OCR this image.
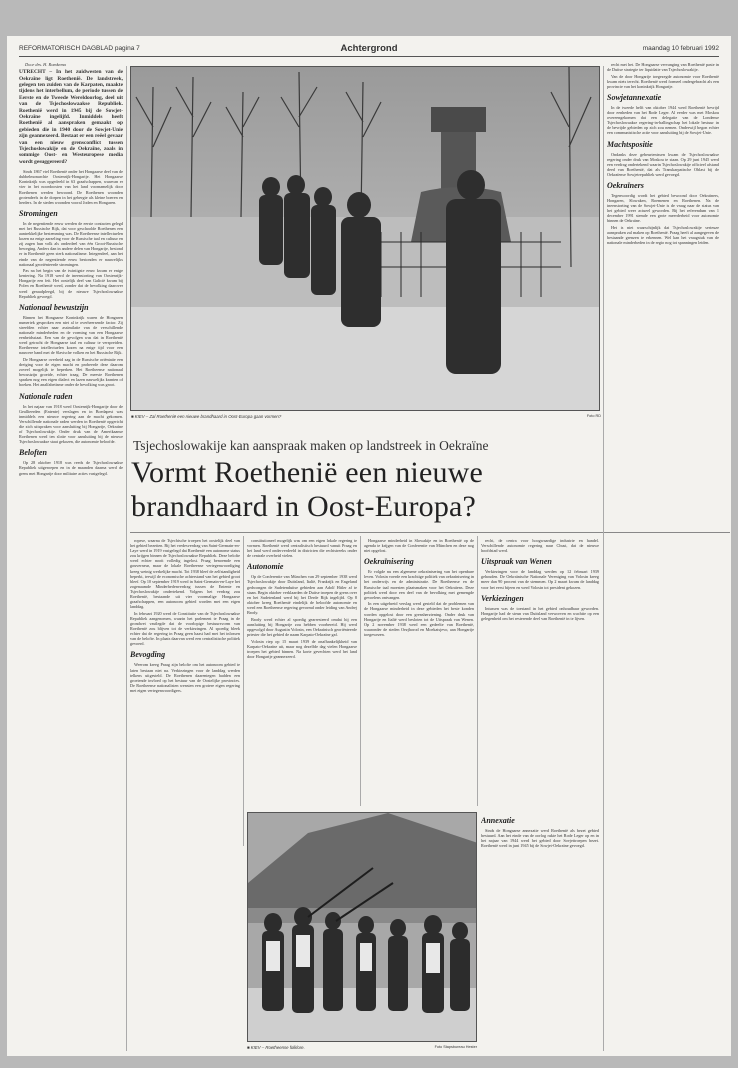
REFORMATORISCH DAGBLAD pagina 7	Achtergrond	maandag 10 februari 1992
Door drs. H. Romkema
UTRECHT – In het zuidwesten van de Oekraïne ligt Roethenië. De landstreek, gelegen ten zuiden van de Karpaten, maakte tijdens het interbellum, de periode tussen de Eerste en de Tweede Wereldoorlog, deel uit van de Tsjechoslowaakse Republiek. Roethenië werd in 1945 bij de Sowjet-Oekraïne ingelijfd. Inmiddels heeft Roethenië al aanspraken gemaakt op gebieden die in 1940 door de Sowjet-Unie zijn geannexeerd. Bestaat er een reëel gevaar van een nieuw grensconflict tussen Tsjechoslowakije en de Oekraïne, zoals in sommige Oost- en Westeuropese media wordt gesuggereerd?

Sinds 1867 viel Roethenië onder het Hongaarse deel van de dubbelmonarchie Oostenrijk-Hongarije. Het Hongaarse Koninkrijk was opgedeeld in 63 graafschappen, waarvan er vier in het noordoosten van het land voornamelijk door Roethenen werden bewoond. De Roethenen woonden grotendeels in de dorpen in het gebergte als kleine boeren en herders. In de steden woonden vooral Joden en Hongaren.

Stromingen

In de negentiende eeuw werden de eerste contacten gelegd met het Russische Rijk, dat voor geschoolde Roethenen een aantrekkelijke bestemming was. De Roetheense intellectuelen kozen na enige aarzeling voor de Russische taal en cultuur en zij zagen hun volk als onderdeel van één Groot-Russische beweging. Anders dan in andere delen van Hongarije, bestond er in Roethenië geen sterk nationalisme. Integendeel, aan het einde van de negentiende eeuw bestonden er nauwelijks nationaal georiënteerde stromingen.

Pas na het begin van de twintigste eeuw kwam er enige kentering. Na 1918 werd de ineenstorting van Oostenrijk-Hongarije een feit. Het oostelijk deel van Galicië kwam bij Polen en Roethenië werd, zonder dat de bevolking daarover werd geraadpleegd, bij de nieuwe Tsjechoslowaakse Republiek gevoegd.

Nationaal bewustzijn

Binnen het Hongaarse Koninkrijk waren de Hongaren numeriek gesproken een niet al te overheersende factor. Zij streefden echter naar assimilatie van de verschillende nationale minderheden en de vorming van een Hongaarse eenheidsstaat. Een van de gevolgen was dat in Roethenië werd getracht de Hongaarse taal en cultuur te verspreiden. Roetheense intellectuelen kozen na enige tijd voor een nauwere band met de Slavische volken en het Russische Rijk.

De Hongaarse overheid zag in de Russische oriëntatie een dreiging voor de eigen macht en probeerde deze daarom zoveel mogelijk te beperken. Het Roetheense nationaal bewustzijn groeide, echter traag. De meeste Roethenen spraken nog een eigen dialect en lazen nauwelijks kranten of boeken. Het analfabetisme onder de bevolking was groot.

Nationale raden

In het najaar van 1918 werd Oostenrijk-Hongarije door de Geallieerden (Entente) verslagen en in Boedapest was inmiddels een nieuwe regering aan de macht gekomen. Verschillende nationale raden werden in Roethenië opgericht die zich uitspraken voor aansluiting bij Hongarije, Oekraïne of Tsjechoslowakije. Onder druk van de Amerikaanse Roethenen werd ten slotte voor aansluiting bij de nieuwe Tsjechoslowaakse staat gekozen, die autonomie beloofde.

Beloften

Op 28 oktober 1918 was reeds de Tsjechoslowaakse Republiek uitgeroepen en in de maanden daarna werd de grens met Hongarije door militaire acties vastgelegd.

■ KIEV – Zal Roethenië een nieuwe brandhaard in Oost-Europa gaan vormen?	Foto RD
Tsjechoslowakije kan aanspraak maken op landstreek in Oekraïne
Vormt Roethenië een nieuwe brandhaard in Oost-Europa?

ropese, waarna de Tsjechische troepen het oostelijk deel van het gebied bezetten. Bij het vredesverdrag van Saint-Germain-en-Laye werd in 1919 vastgelegd dat Roethenië een autonome status zou krijgen binnen de Tsjechoslowaakse Republiek. Deze belofte werd echter nooit volledig ingelost. Praag benoemde een gouverneur, maar de lokale Roetheense vertegenwoordiging kreeg weinig werkelijke macht. Tot 1938 bleef de zelfstandigheid beperkt, terwijl de economische achterstand van het gebied groot bleef. Op 10 september 1919 werd in Saint-Germain-en-Laye het zogenaamde Minderhedenverdrag tussen de Entente en Tsjechoslowakije ondertekend. Volgens het verdrag zou Roethenië, bestaande uit vier voormalige Hongaarse graafschappen, een autonoom gebied worden met een eigen landdag.

In februari 1920 werd de Constitutie van de Tsjechoslowaakse Republiek aangenomen, waarin het parlement te Praag in de grondwet vastlegde dat de voorlopige bestuursvorm van Roethenië zou blijven tot de verkiezingen. Al spoedig bleek echter dat de regering in Praag geen haast had met het inlossen van de belofte. In plaats daarvan werd een centralistische politiek gevoerd.

Bevogding

Weerom kreeg Praag zijn belofte om het autonoom gebied te laten bestaan niet na. Verkiezingen voor de landdag werden telkens uitgesteld. De Roethenen daarentegen hadden een groeiende invloed op het bestuur van de Oostelijke provincies. De Roetheense nationalisten wensten een grotere eigen regering met eigen vertegenwoordigers.

constitutioneel mogelijk was om een eigen lokale regering te vormen. Roethenië werd centralistisch bestuurd vanuit Praag en het land werd onderverdeeld in districten die rechtstreeks onder de centrale overheid vielen.

Autonomie

Op de Conferentie van München van 29 september 1938 werd Tsjechoslowakije door Duitsland, Italië, Frankrijk en Engeland gedwongen de Sudetenduitse gebieden aan Adolf Hitler af te staan. Begin oktober verklaarden de Duitse troepen de grens over en het Sudetenland werd bij het Derde Rijk ingelijfd. Op 8 oktober kreeg Roethenië eindelijk de beloofde autonomie en werd een Roetheense regering gevormd onder leiding van Andrej Brody.

Brody werd echter al spoedig gearresteerd omdat hij een aansluiting bij Hongarije zou hebben voorbereid. Hij werd opgevolgd door Augustin Volosin, een Oekraïnisch georiënteerde priester die het gebied de naam Karpato-Oekraïne gaf.

Volosin riep op 15 maart 1939 de onafhankelijkheid van Karpato-Oekraïne uit, maar nog dezelfde dag vielen Hongaarse troepen het gebied binnen. Na korte gevechten werd het land door Hongarije geannexeerd.

Hongaarse minderheid in Slowakije en in Roethenië op de agenda te krijgen van de Conferentie van München en deze nog niet opgelost.

Oekraïnisering

Er volgde nu een algemene oekraïnisering van het openbare leven. Volosin voerde een krachtige politiek van oekraïnisering in het onderwijs en de administratie. De Roetheense en de Russische taal moesten plaatsmaken voor het Oekraïens. Deze politiek werd door een deel van de bevolking met gemengde gevoelens ontvangen.

In een uitgebreid verslag werd gesteld dat de problemen van de Hongaarse minderheid in deze gebieden het beste konden worden opgelost door een grensherziening. Onder druk van Hongarije en Italië werd besloten tot de Uitspraak van Wenen. Op 2 november 1938 werd een gedeelte van Roethenië, waaronder de steden Oezjhorod en Moekatsjevo, aan Hongarije toegewezen.

recht, de centra voor hoogwaardige industrie en handel. Verschillende autonomie regering naar Chust, dat de nieuwe hoofdstad werd.

Uitspraak van Wenen

Verkiezingen voor de landdag werden op 12 februari 1939 gehouden. De Oekraïnische Nationale Vereniging van Volosin kreeg meer dan 90 procent van de stemmen. Op 2 maart kwam de landdag voor het eerst bijeen en werd Volosin tot president gekozen.

Verkiezingen

Intussen was de toestand in het gebied onhoudbaar geworden. Hongarije had de steun van Duitsland verworven en wachtte op een gelegenheid om het resterende deel van Roethenië in te lijven.

Annexatie

Sinds de Hongaarse annexatie werd Roethenië als bezet gebied bestuurd. Aan het einde van de oorlog rukte het Rode Leger op en in het najaar van 1944 werd het gebied door Sovjettroepen bezet. Roethenië werd in juni 1945 bij de Sowjet-Oekraïne gevoegd.

recht met het. De Hongaarse vervanging van Roethenië paste in de Duitse strategie ter liquidatie van Tsjechoslowakije.

Van de door Hongarije toegezegde autonomie voor Roethenië kwam niets terecht. Roethenië werd formeel ondergebracht als een provincie van het koninkrijk Hongarije.

Sowjetannexatie

In de tweede helft van oktober 1944 werd Roethenië bevrijd door eenheden van het Rode Leger. Al eerder was met Moskou overeengekomen dat een delegatie van de Londense Tsjechoslowaakse regering-in-ballingschap het lokale bestuur in de bevrijde gebieden op zich zou nemen. Onderwijl begon echter een communistische actie voor aansluiting bij de Sowjet-Unie.

Machtspositie

Ondanks deze gebeurtenissen kwam de Tsjechoslowaakse regering onder druk van Moskou te staan. Op 29 juni 1945 werd een verdrag ondertekend waarin Tsjechoslowakije officieel afstand deed van Roethenië, dat als Transkarpatische Oblast bij de Oekraïense Sowjetrepubliek werd gevoegd.

Oekraïners

Tegenwoordig wordt het gebied bewoond door Oekraïners, Hongaren, Slowaken, Roemenen en Roethenen. Na de ineenstorting van de Sowjet-Unie is de vraag naar de status van het gebied weer actueel geworden. Bij het referendum van 1 december 1991 stemde een grote meerderheid voor autonomie binnen de Oekraïne.

Het is niet waarschijnlijk dat Tsjechoslowakije serieuze aanspraken zal maken op Roethenië. Praag heeft al aangegeven de bestaande grenzen te erkennen. Wel kan het vraagstuk van de nationale minderheden in de regio nog tot spanningen leiden.

■ KIEV – Roetheense folklore.	Foto Stapsbureau Hester
